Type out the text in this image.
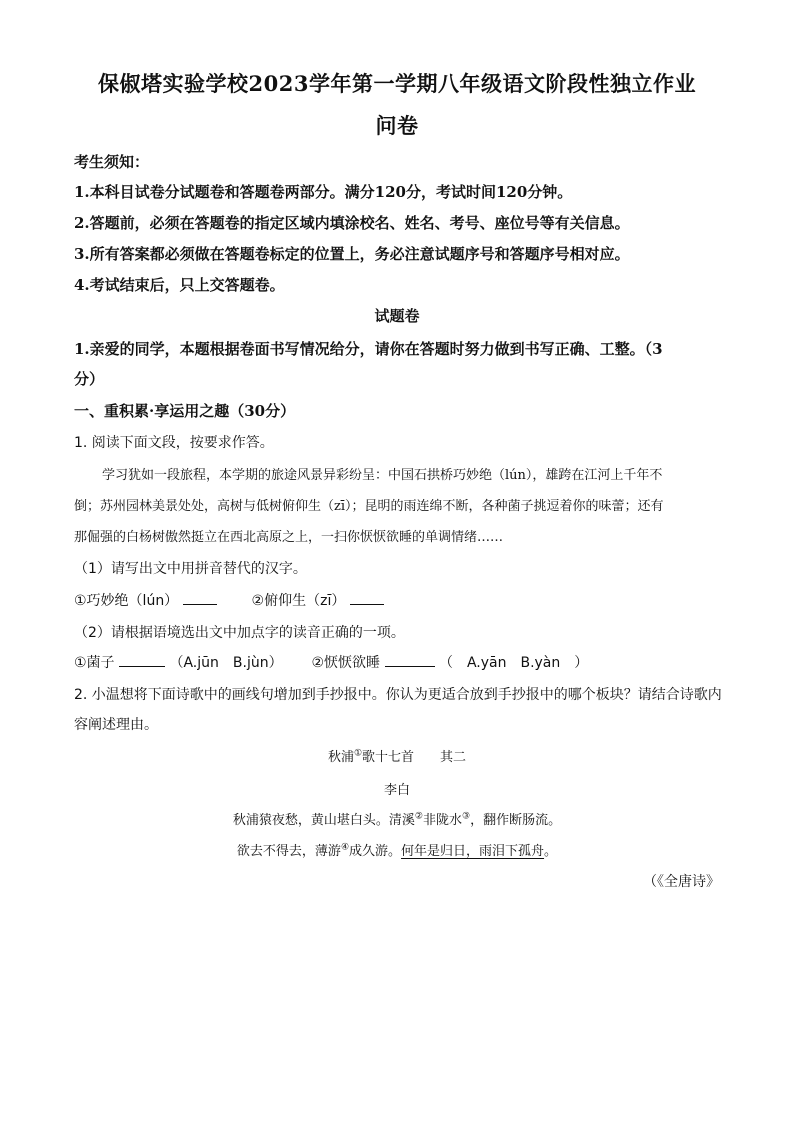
保俶塔实验学校2023学年第一学期八年级语文阶段性独立作业
问卷
考生须知：
1.本科目试卷分试题卷和答题卷两部分。满分120分，考试时间120分钟。
2.答题前，必须在答题卷的指定区域内填涂校名、姓名、考号、座位号等有关信息。
3.所有答案都必须做在答题卷标定的位置上，务必注意试题序号和答题序号相对应。
4.考试结束后，只上交答题卷。
试题卷
1.亲爱的同学，本题根据卷面书写情况给分，请你在答题时努力做到书写正确、工整。（3
分）
一、重积累·享运用之趣（30分）
1. 阅读下面文段，按要求作答。
学习犹如一段旅程，本学期的旅途风景异彩纷呈：中国石拱桥巧妙绝（lún），雄跨在江河上千年不
倒；苏州园林美景处处，高树与低树俯仰生（zī）；昆明的雨连绵不断，各种菌子挑逗着你的味蕾；还有
那倔强的白杨树傲然挺立在西北高原之上，一扫你恹恹欲睡的单调情绪……
（1）请写出文中用拼音替代的汉字。
①巧妙绝（lún）	②俯仰生（zī）
（2）请根据语境选出文中加点字的读音正确的一项。
①菌子	（A.jūn　B.jùn） ②恹恹欲睡	（　A.yān　B.yàn　）
2. 小温想将下面诗歌中的画线句增加到手抄报中。你认为更适合放到手抄报中的哪个板块？请结合诗歌内
容阐述理由。
秋浦①歌十七首　　其二
李白
秋浦猿夜愁，黄山堪白头。清溪②非陇水③，翻作断肠流。
欲去不得去，薄游④成久游。何年是归日，雨泪下孤舟。
（《全唐诗》
